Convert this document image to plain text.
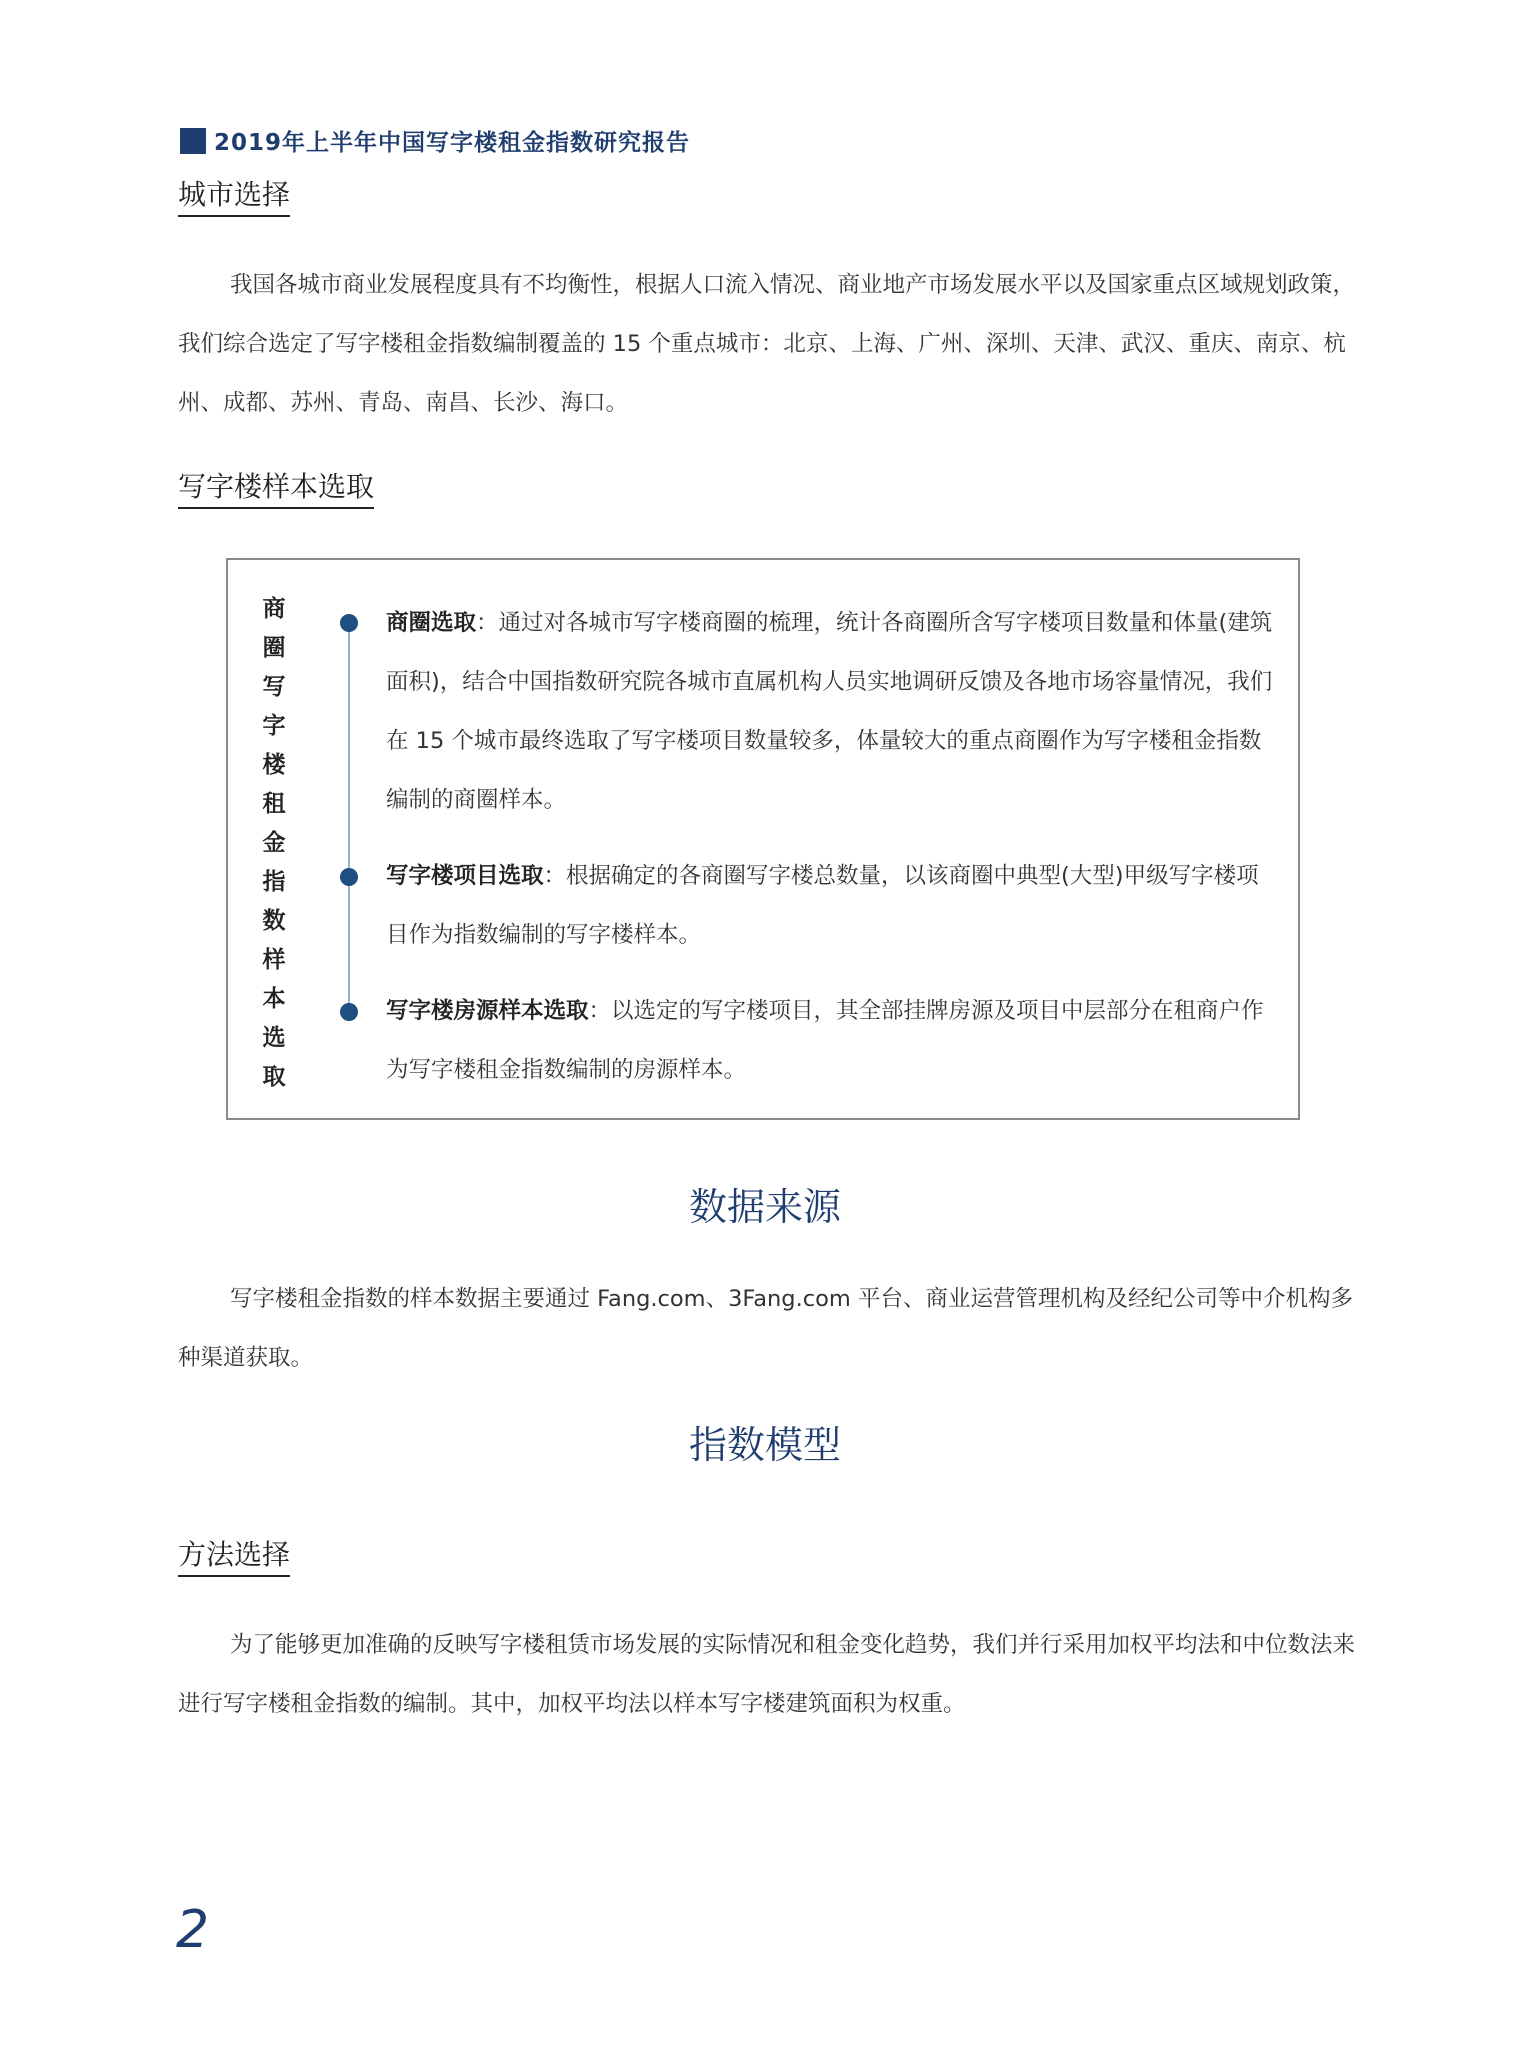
2019年上半年中国写字楼租金指数研究报告
城市选择

我国各城市商业发展程度具有不均衡性，根据人口流入情况、商业地产市场发展水平以及国家重点区域规划政策，我们综合选定了写字楼租金指数编制覆盖的 15 个重点城市：北京、上海、广州、深圳、天津、武汉、重庆、南京、杭州、成都、苏州、青岛、南昌、长沙、海口。

写字楼样本选取
商
圈
写
字
楼
租
金
指
数
样
本
选
取

商圈选取：通过对各城市写字楼商圈的梳理，统计各商圈所含写字楼项目数量和体量(建筑面积)，结合中国指数研究院各城市直属机构人员实地调研反馈及各地市场容量情况，我们在 15 个城市最终选取了写字楼项目数量较多，体量较大的重点商圈作为写字楼租金指数编制的商圈样本。

写字楼项目选取：根据确定的各商圈写字楼总数量，以该商圈中典型(大型)甲级写字楼项目作为指数编制的写字楼样本。

写字楼房源样本选取：以选定的写字楼项目，其全部挂牌房源及项目中层部分在租商户作为写字楼租金指数编制的房源样本。

数据来源

写字楼租金指数的样本数据主要通过 Fang.com、3Fang.com 平台、商业运营管理机构及经纪公司等中介机构多种渠道获取。

指数模型
方法选择

为了能够更加准确的反映写字楼租赁市场发展的实际情况和租金变化趋势，我们并行采用加权平均法和中位数法来进行写字楼租金指数的编制。其中，加权平均法以样本写字楼建筑面积为权重。

2
